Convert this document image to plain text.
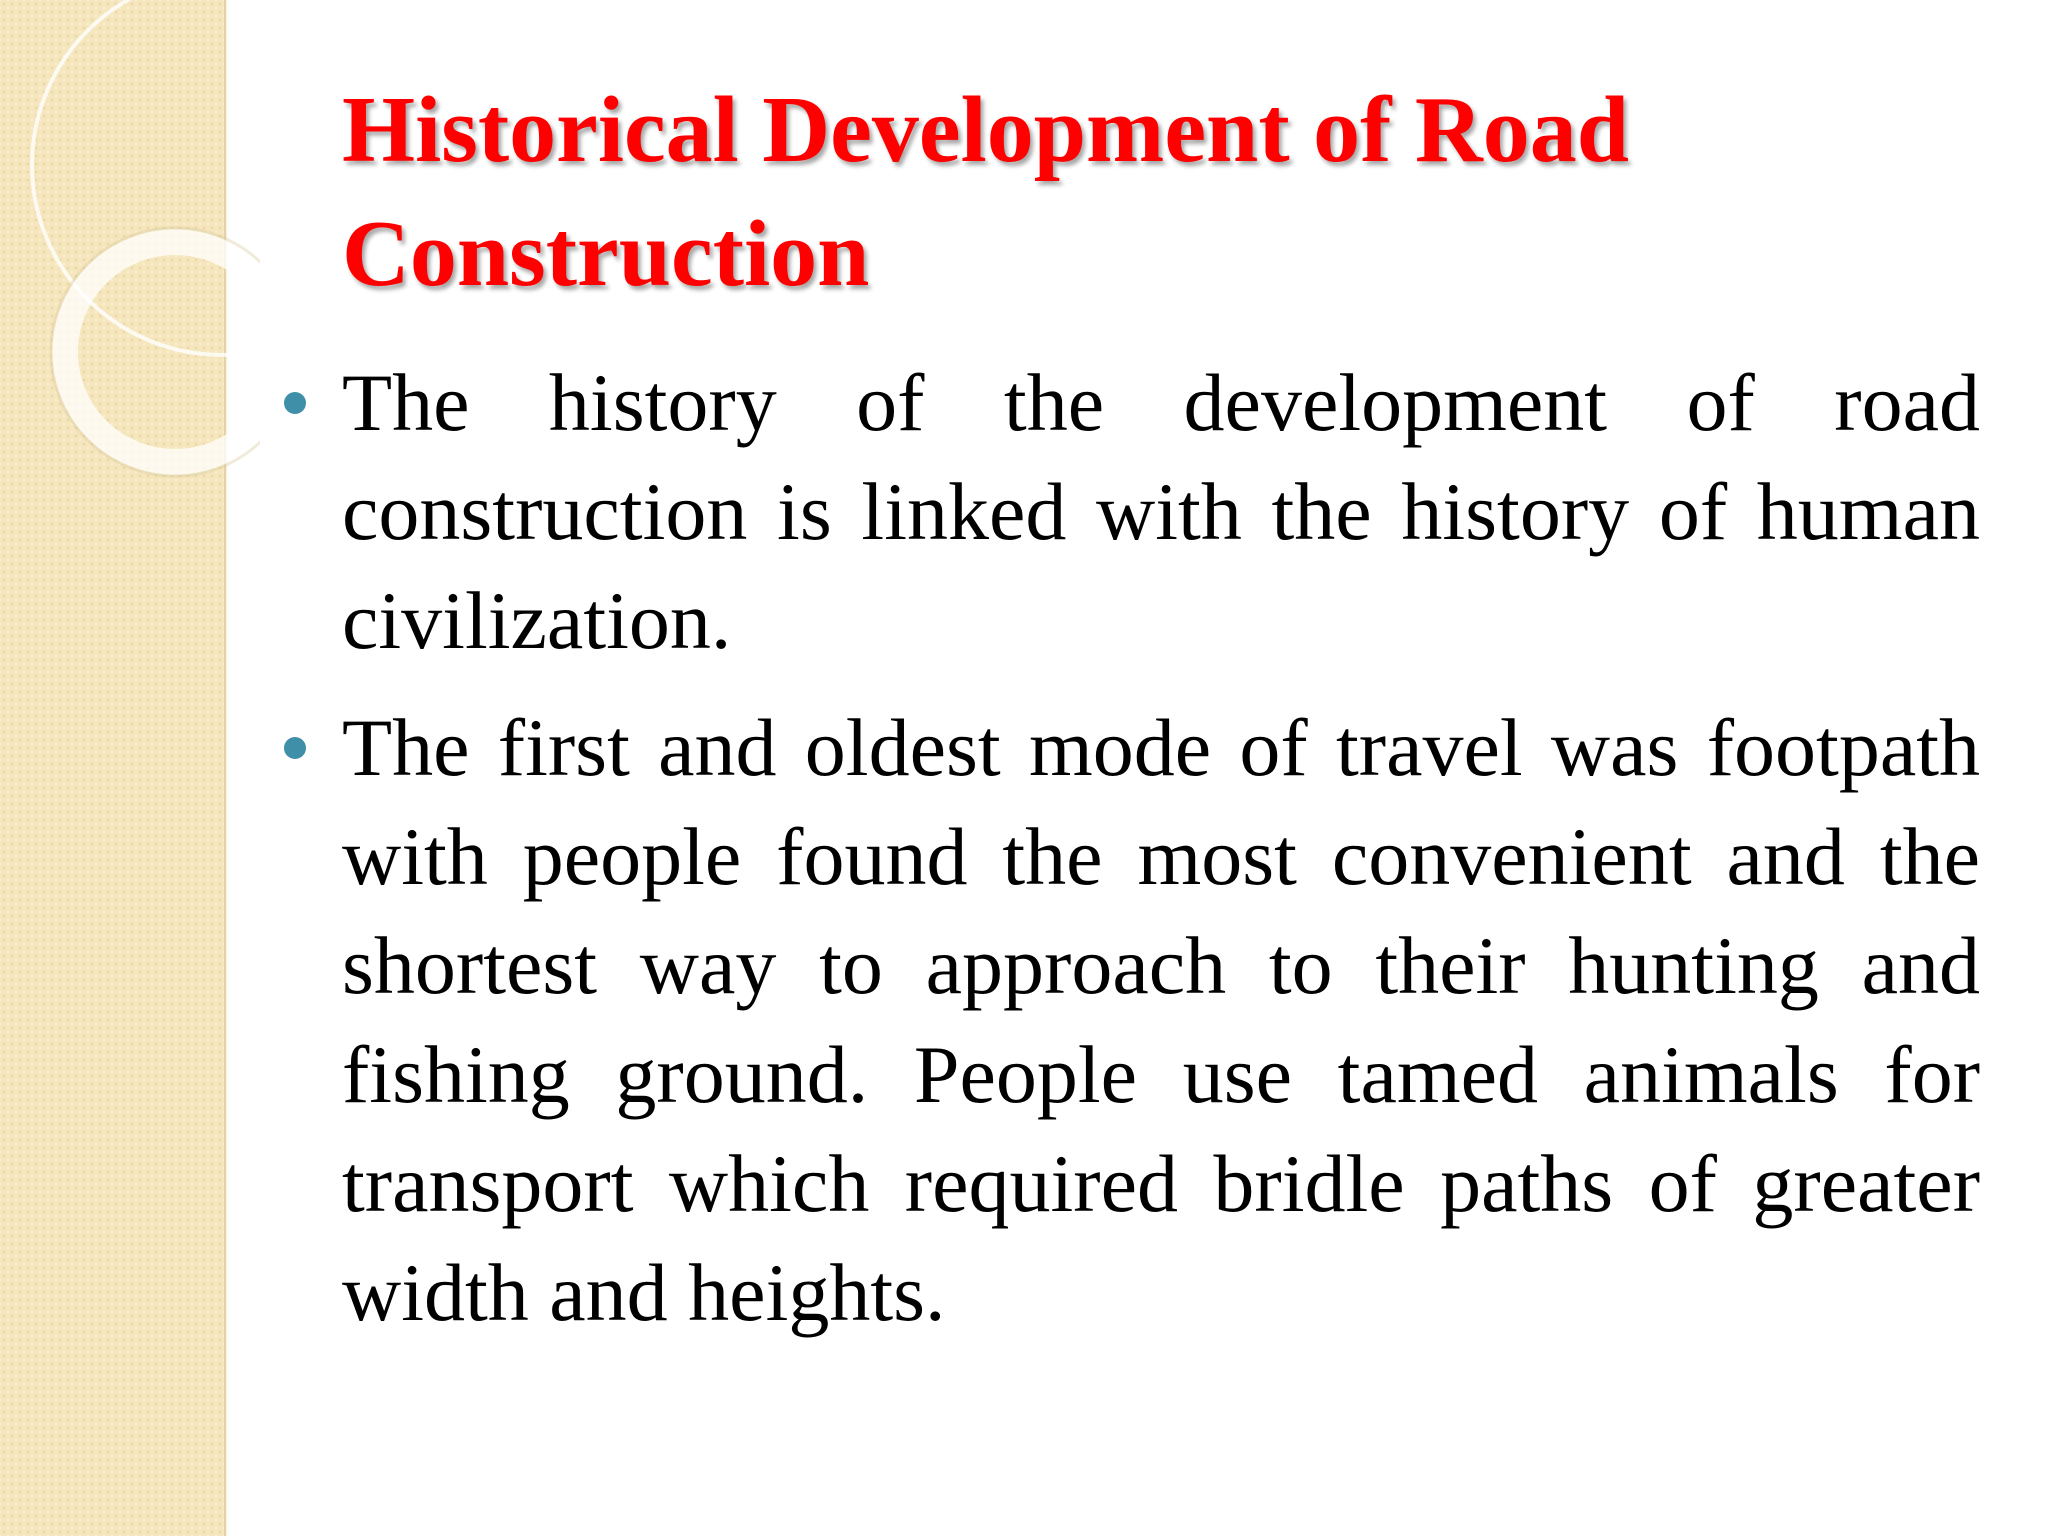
Historical Development of Road Construction
The history of the development of road construction is linked with the history of human civilization.
The first and oldest mode of travel was footpath with people found the most convenient and the shortest way to approach to their hunting and fishing ground. People use tamed animals for transport which required bridle paths of greater width and heights.
